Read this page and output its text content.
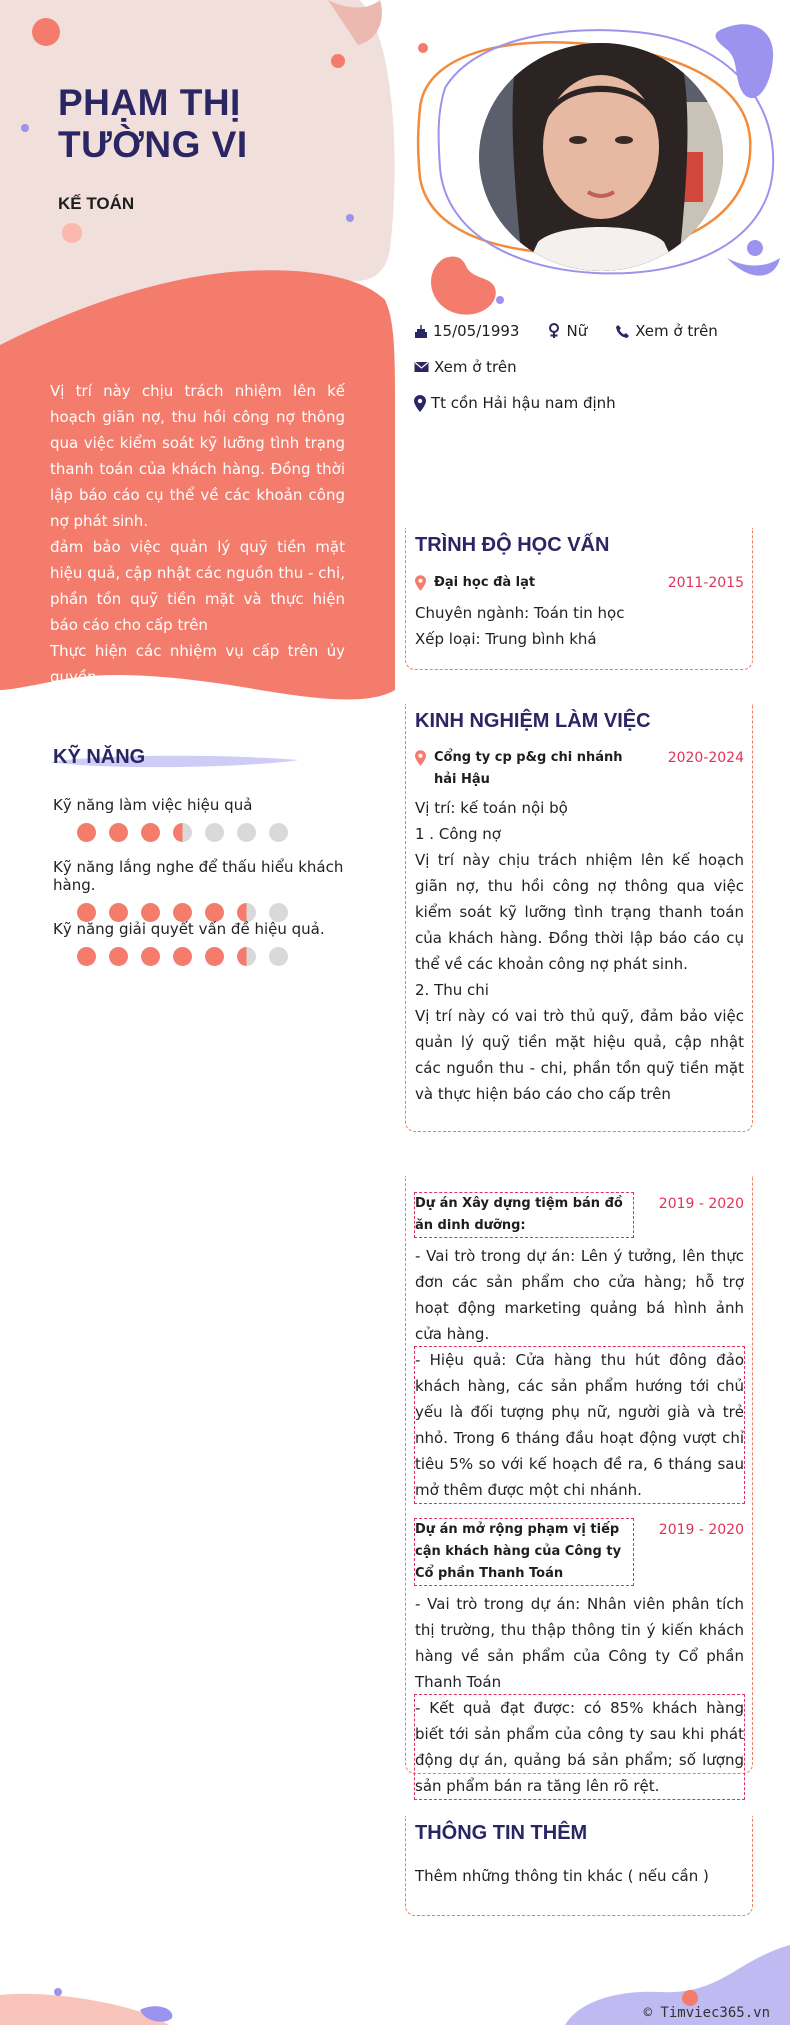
PHẠM THỊ TƯỜNG VI
KẾ TOÁN
15/05/1993	Nữ	Xem ở trên
Xem ở trên
Tt cồn Hải hậu nam định

Vị trí này chịu trách nhiệm lên kế hoạch giãn nợ, thu hồi công nợ thông qua việc kiểm soát kỹ lưỡng tình trạng thanh toán của khách hàng. Đồng thời lập báo cáo cụ thể về các khoản công nợ phát sinh.

đảm bảo việc quản lý quỹ tiền mặt hiệu quả, cập nhật các nguồn thu - chi, phần tồn quỹ tiền mặt và thực hiện báo cáo cho cấp trên

Thực hiện các nhiệm vụ cấp trên ủy quyền

KỸ NĂNG
Kỹ năng làm việc hiệu quả
Kỹ năng lắng nghe để thấu hiểu khách hàng.
Kỹ năng giải quyết vấn đề hiệu quả.
TRÌNH ĐỘ HỌC VẤN
Đại học đà lạt	2011-2015
Chuyên ngành: Toán tin học
Xếp loại: Trung bình khá
KINH NGHIỆM LÀM VIỆC
Cổng ty cp p&g chi nhánh hải Hậu
2020-2024
Vị trí: kế toán nội bộ
1 . Công nợ
Vị trí này chịu trách nhiệm lên kế hoạch giãn nợ, thu hồi công nợ thông qua việc kiểm soát kỹ lưỡng tình trạng thanh toán của khách hàng. Đồng thời lập báo cáo cụ thể về các khoản công nợ phát sinh.
2. Thu chi
Vị trí này có vai trò thủ quỹ, đảm bảo việc quản lý quỹ tiền mặt hiệu quả, cập nhật các nguồn thu - chi, phần tồn quỹ tiền mặt và thực hiện báo cáo cho cấp trên
Dự án Xây dựng tiệm bán đồ ăn dinh dưỡng:
2019 - 2020
- Vai trò trong dự án: Lên ý tưởng, lên thực đơn các sản phẩm cho cửa hàng; hỗ trợ hoạt động marketing quảng bá hình ảnh cửa hàng.
- Hiệu quả: Cửa hàng thu hút đông đảo khách hàng, các sản phẩm hướng tới chủ yếu là đối tượng phụ nữ, người già và trẻ nhỏ. Trong 6 tháng đầu hoạt động vượt chỉ tiêu 5% so với kế hoạch đề ra, 6 tháng sau mở thêm được một chi nhánh.
Dự án mở rộng phạm vị tiếp cận khách hàng của Công ty Cổ phần Thanh Toán
2019 - 2020
- Vai trò trong dự án: Nhân viên phân tích thị trường, thu thập thông tin ý kiến khách hàng về sản phẩm của Công ty Cổ phần Thanh Toán
- Kết quả đạt được: có 85% khách hàng biết tới sản phẩm của công ty sau khi phát động dự án, quảng bá sản phẩm; số lượng sản phẩm bán ra tăng lên rõ rệt.
THÔNG TIN THÊM
Thêm những thông tin khác ( nếu cần )
© Timviec365.vn
